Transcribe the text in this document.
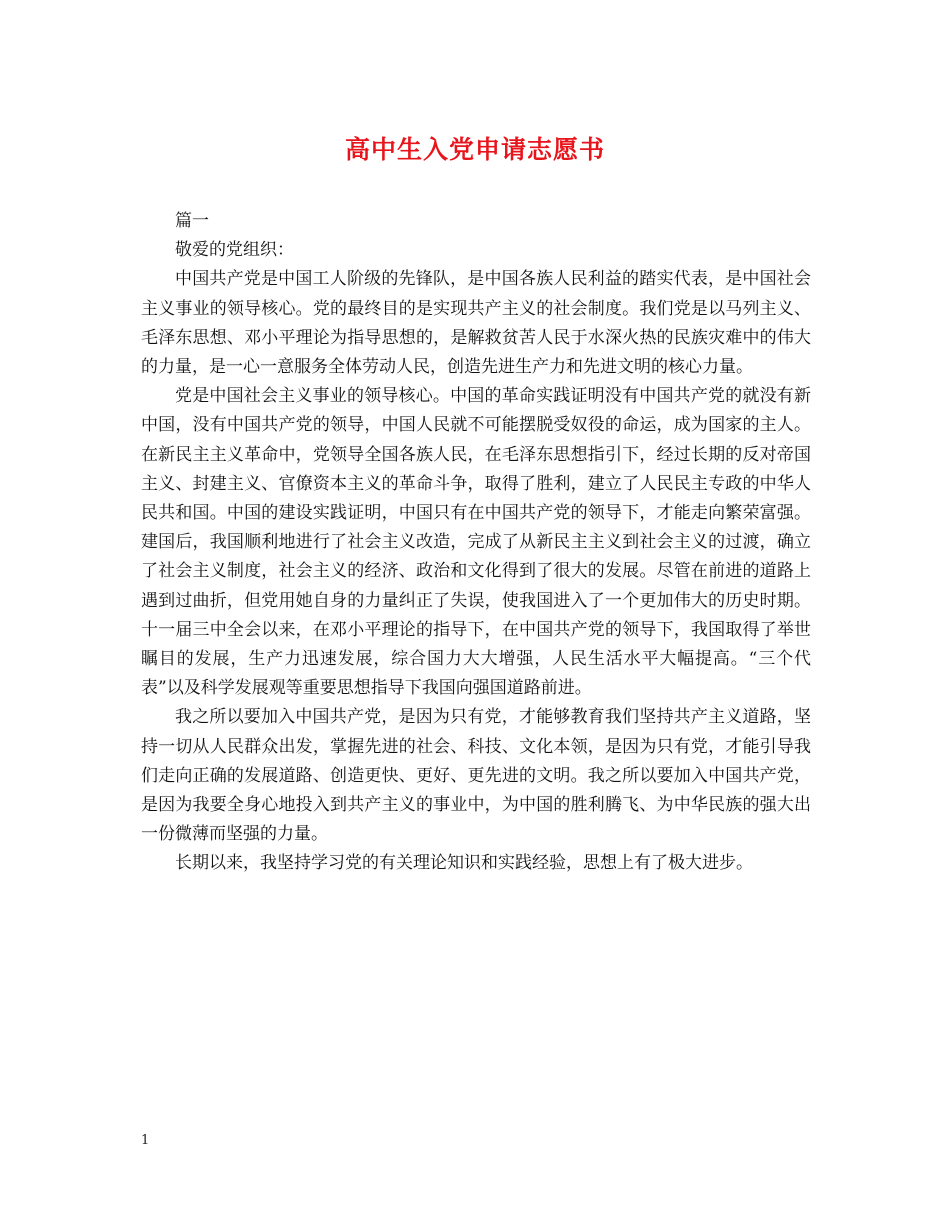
高中生入党申请志愿书

篇一

敬爱的党组织：

中国共产党是中国工人阶级的先锋队，是中国各族人民利益的踏实代表，是中国社会主义事业的领导核心。党的最终目的是实现共产主义的社会制度。我们党是以马列主义、毛泽东思想、邓小平理论为指导思想的，是解救贫苦人民于水深火热的民族灾难中的伟大的力量，是一心一意服务全体劳动人民，创造先进生产力和先进文明的核心力量。

党是中国社会主义事业的领导核心。中国的革命实践证明没有中国共产党的就没有新中国，没有中国共产党的领导，中国人民就不可能摆脱受奴役的命运，成为国家的主人。在新民主主义革命中，党领导全国各族人民，在毛泽东思想指引下，经过长期的反对帝国主义、封建主义、官僚资本主义的革命斗争，取得了胜利，建立了人民民主专政的中华人民共和国。中国的建设实践证明，中国只有在中国共产党的领导下，才能走向繁荣富强。建国后，我国顺利地进行了社会主义改造，完成了从新民主主义到社会主义的过渡，确立了社会主义制度，社会主义的经济、政治和文化得到了很大的发展。尽管在前进的道路上遇到过曲折，但党用她自身的力量纠正了失误，使我国进入了一个更加伟大的历史时期。十一届三中全会以来，在邓小平理论的指导下，在中国共产党的领导下，我国取得了举世瞩目的发展，生产力迅速发展，综合国力大大增强，人民生活水平大幅提高。“三个代表”以及科学发展观等重要思想指导下我国向强国道路前进。

我之所以要加入中国共产党，是因为只有党，才能够教育我们坚持共产主义道路，坚持一切从人民群众出发，掌握先进的社会、科技、文化本领，是因为只有党，才能引导我们走向正确的发展道路、创造更快、更好、更先进的文明。我之所以要加入中国共产党，是因为我要全身心地投入到共产主义的事业中，为中国的胜利腾飞、为中华民族的强大出一份微薄而坚强的力量。

长期以来，我坚持学习党的有关理论知识和实践经验，思想上有了极大进步。

1
